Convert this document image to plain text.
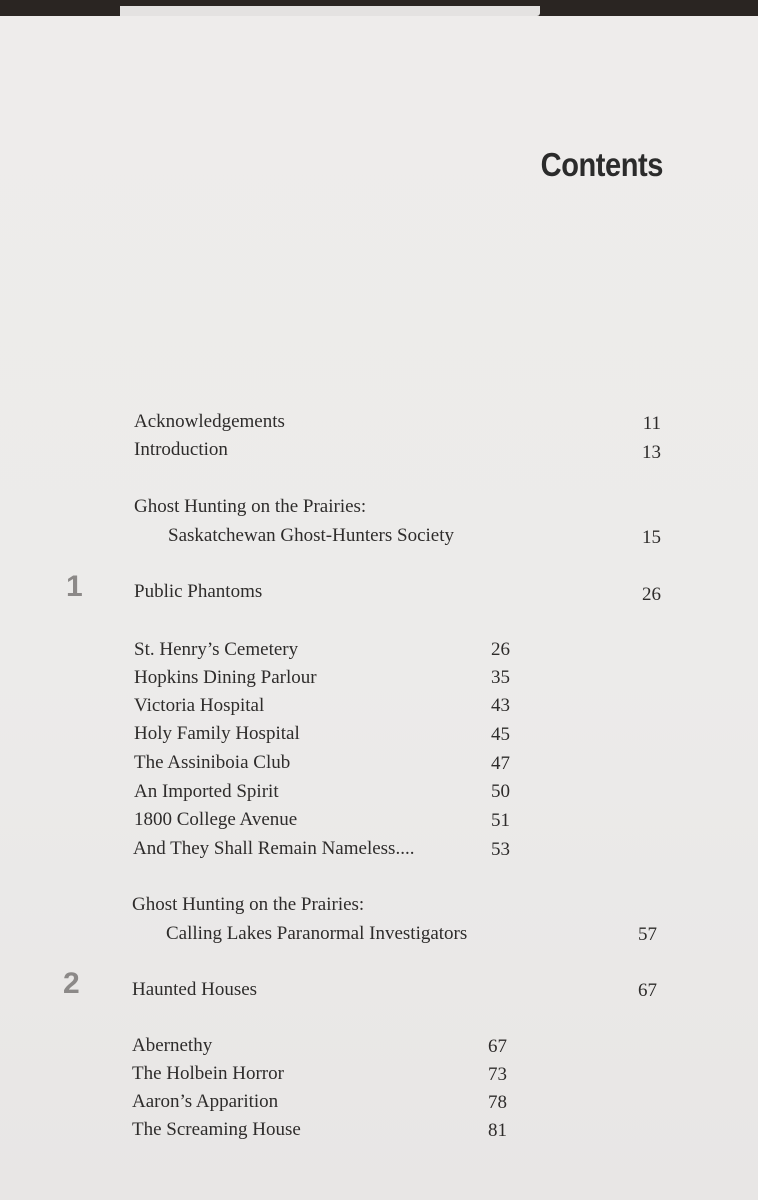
Contents
Acknowledgements	11
Introduction	13
Ghost Hunting on the Prairies:
Saskatchewan Ghost-Hunters Society	15
1	Public Phantoms	26
St. Henry’s Cemetery	26
Hopkins Dining Parlour	35
Victoria Hospital	43
Holy Family Hospital	45
The Assiniboia Club	47
An Imported Spirit	50
1800 College Avenue	51
And They Shall Remain Nameless....	53
Ghost Hunting on the Prairies:
Calling Lakes Paranormal Investigators	57
2	Haunted Houses	67
Abernethy	67
The Holbein Horror	73
Aaron’s Apparition	78
The Screaming House	81
